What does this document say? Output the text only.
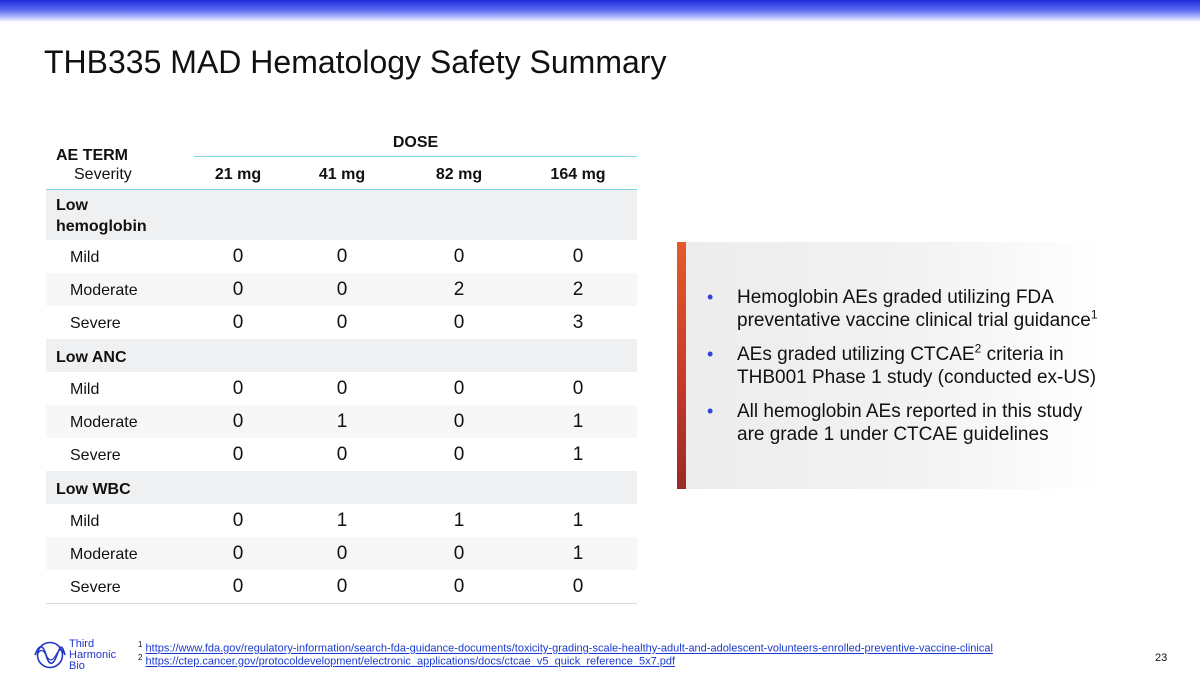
THB335 MAD Hematology Safety Summary
AE TERM
DOSE
Severity	21 mg	41 mg	82 mg	164 mg
Low hemoglobin
Mild	0	0	0	0
Moderate	0	0	2	2
Severe	0	0	0	3
Low ANC
Mild	0	0	0	0
Moderate	0	1	0	1
Severe	0	0	0	1
Low WBC
Mild	0	1	1	1
Moderate	0	0	0	1
Severe	0	0	0	0
• Hemoglobin AEs graded utilizing FDA preventative vaccine clinical trial guidance$^1$
• AEs graded utilizing CTCAE$^2$ criteria in THB001 Phase 1 study (conducted ex-US)
• All hemoglobin AEs reported in this study are grade 1 under CTCAE guidelines
Third
Harmonic
Bio
$^1$ https://www.fda.gov/regulatory-information/search-fda-guidance-documents/toxicity-grading-scale-healthy-adult-and-adolescent-volunteers-enrolled-preventive-vaccine-clinical
$^2$ https://ctep.cancer.gov/protocoldevelopment/electronic_applications/docs/ctcae_v5_quick_reference_5x7.pdf	23
